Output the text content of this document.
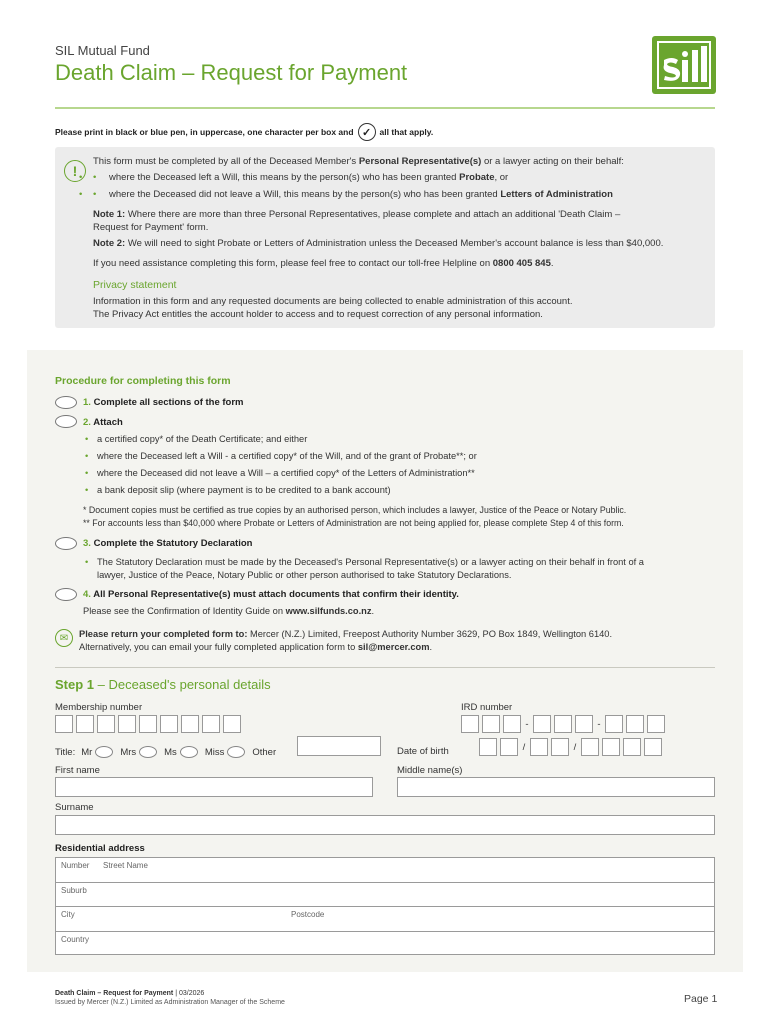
SIL Mutual Fund
Death Claim – Request for Payment
Please print in black or blue pen, in uppercase, one character per box and ✓ all that apply.
!
This form must be completed by all of the Deceased Member's Personal Representative(s) or a lawyer acting on their behalf:
• • where the Deceased left a Will, this means by the person(s) who has been granted Probate, or
• • where the Deceased did not leave a Will, this means by the person(s) who has been granted Letters of Administration
Note 1: Where there are more than three Personal Representatives, please complete and attach an additional 'Death Claim –
Request for Payment' form.
Note 2: We will need to sight Probate or Letters of Administration unless the Deceased Member's account balance is less than $40,000.
If you need assistance completing this form, please feel free to contact our toll-free Helpline on 0800 405 845.
Privacy statement
Information in this form and any requested documents are being collected to enable administration of this account.
The Privacy Act entitles the account holder to access and to request correction of any personal information.
Procedure for completing this form
1. Complete all sections of the form
2. Attach
• a certified copy* of the Death Certificate; and either
• where the Deceased left a Will - a certified copy* of the Will, and of the grant of Probate**; or
• where the Deceased did not leave a Will – a certified copy* of the Letters of Administration**
• a bank deposit slip (where payment is to be credited to a bank account)
* Document copies must be certified as true copies by an authorised person, which includes a lawyer, Justice of the Peace or Notary Public.
** For accounts less than $40,000 where Probate or Letters of Administration are not being applied for, please complete Step 4 of this form.
3. Complete the Statutory Declaration
• The Statutory Declaration must be made by the Deceased's Personal Representative(s) or a lawyer acting on their behalf in front of a
lawyer, Justice of the Peace, Notary Public or other person authorised to take Statutory Declarations.
4. All Personal Representative(s) must attach documents that confirm their identity.
Please see the Confirmation of Identity Guide on www.silfunds.co.nz.
✉	Please return your completed form to: Mercer (N.Z.) Limited, Freepost Authority Number 3629, PO Box 1849, Wellington 6140.
Alternatively, you can email your fully completed application form to sil@mercer.com.
Step 1 – Deceased's personal details
Membership number	IRD number
-	-
Title: Mr	Mrs	Ms	Miss	Other	Date of birth	/	/
First name	Middle name(s)
Surname
Residential address
Number Street Name
Suburb
City	Postcode
Country
Death Claim – Request for Payment | 03/2026
Issued by Mercer (N.Z.) Limited as Administration Manager of the Scheme	Page 1
